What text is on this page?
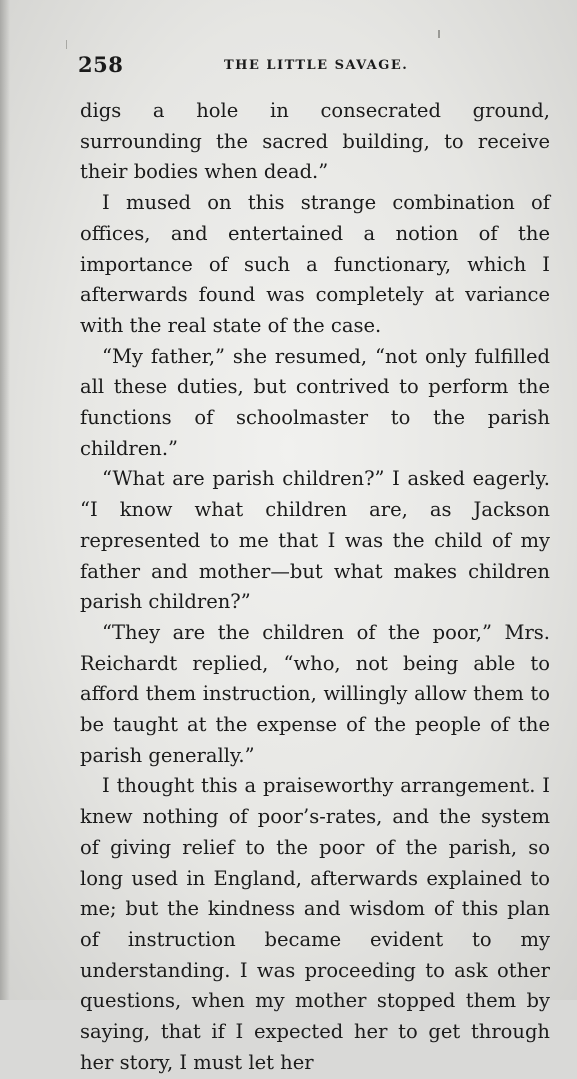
258	THE LITTLE SAVAGE.

digs a hole in consecrated ground, surrounding the sacred building, to receive their bodies when dead.”

I mused on this strange combination of offices, and entertained a notion of the importance of such a functionary, which I afterwards found was completely at variance with the real state of the case.

“My father,” she resumed, “not only fulfilled all these duties, but contrived to perform the functions of schoolmaster to the parish children.”

“What are parish children?” I asked eagerly. “I know what children are, as Jackson represented to me that I was the child of my father and mother—but what makes children parish children?”

“They are the children of the poor,” Mrs. Reichardt replied, “who, not being able to afford them instruction, willingly allow them to be taught at the expense of the people of the parish generally.”

I thought this a praiseworthy arrangement. I knew nothing of poor’s-rates, and the system of giving relief to the poor of the parish, so long used in England, afterwards explained to me; but the kindness and wisdom of this plan of instruction became evident to my understanding. I was proceeding to ask other questions, when my mother stopped them by saying, that if I expected her to get through her story, I must let her
